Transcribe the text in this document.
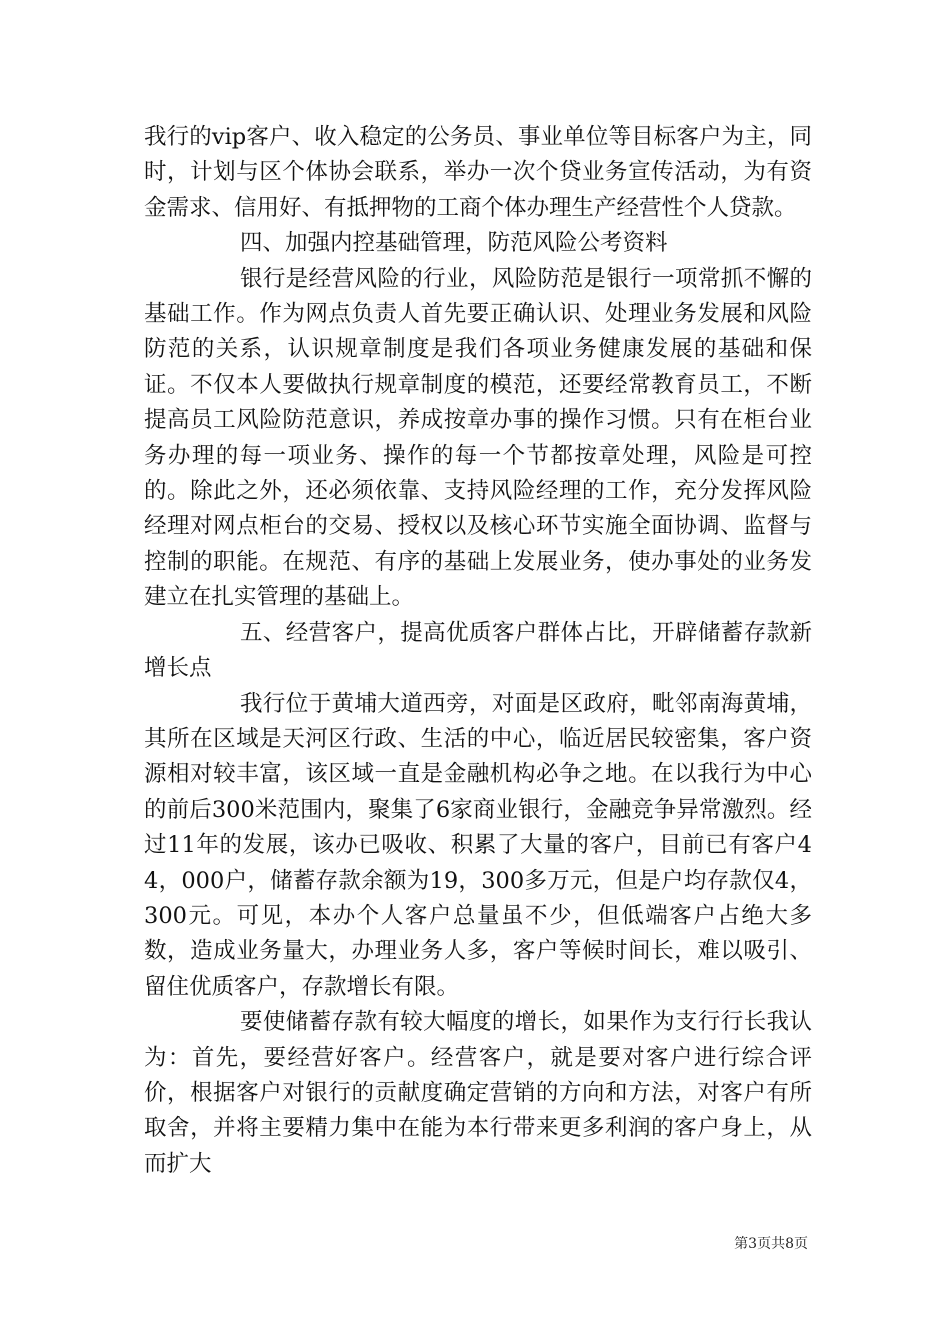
我行的vip客户、收入稳定的公务员、事业单位等目标客户为主，同时，计划与区个体协会联系，举办一次个贷业务宣传活动，为有资金需求、信用好、有抵押物的工商个体办理生产经营性个人贷款。

四、加强内控基础管理，防范风险公考资料

银行是经营风险的行业，风险防范是银行一项常抓不懈的基础工作。作为网点负责人首先要正确认识、处理业务发展和风险防范的关系，认识规章制度是我们各项业务健康发展的基础和保证。不仅本人要做执行规章制度的模范，还要经常教育员工，不断提高员工风险防范意识，养成按章办事的操作习惯。只有在柜台业务办理的每一项业务、操作的每一个节都按章处理，风险是可控的。除此之外，还必须依靠、支持风险经理的工作，充分发挥风险经理对网点柜台的交易、授权以及核心环节实施全面协调、监督与控制的职能。在规范、有序的基础上发展业务，使办事处的业务发建立在扎实管理的基础上。

五、经营客户，提高优质客户群体占比，开辟储蓄存款新增长点

我行位于黄埔大道西旁，对面是区政府，毗邻南海黄埔，其所在区域是天河区行政、生活的中心，临近居民较密集，客户资源相对较丰富，该区域一直是金融机构必争之地。在以我行为中心的前后300米范围内，聚集了6家商业银行，金融竞争异常激烈。经过11年的发展，该办已吸收、积累了大量的客户，目前已有客户44，000户，储蓄存款余额为19，300多万元，但是户均存款仅4，300元。可见，本办个人客户总量虽不少，但低端客户占绝大多数，造成业务量大，办理业务人多，客户等候时间长，难以吸引、留住优质客户，存款增长有限。

要使储蓄存款有较大幅度的增长，如果作为支行行长我认为：首先，要经营好客户。经营客户，就是要对客户进行综合评价，根据客户对银行的贡献度确定营销的方向和方法，对客户有所取舍，并将主要精力集中在能为本行带来更多利润的客户身上，从而扩大

第3页共8页
